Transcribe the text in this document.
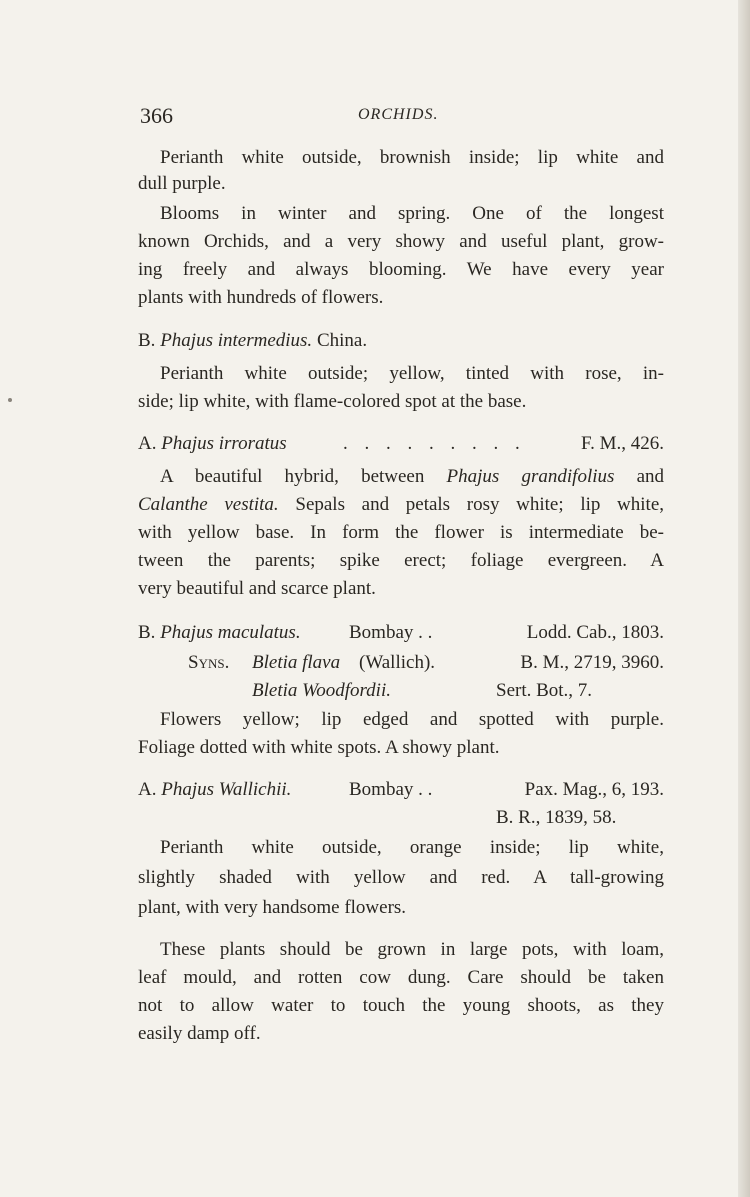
366	ORCHIDS.
Perianth white outside, brownish inside; lip white and
dull purple.
Blooms in winter and spring. One of the longest
known Orchids, and a very showy and useful plant, grow-
ing freely and always blooming. We have every year
plants with hundreds of flowers.
B. Phajus intermedius. China.
Perianth white outside; yellow, tinted with rose, in-
side; lip white, with flame-colored spot at the base.
A. Phajus irroratus	. . . . . . . . .	F. M., 426.
A beautiful hybrid, between Phajus grandifolius and
Calanthe vestita. Sepals and petals rosy white; lip white,
with yellow base. In form the flower is intermediate be-
tween the parents; spike erect; foliage evergreen. A
very beautiful and scarce plant.
B. Phajus maculatus.	Bombay . .	Lodd. Cab., 1803.
Syns. Bletia flava (Wallich).	B. M., 2719, 3960.
Bletia Woodfordii.	Sert. Bot., 7.
Flowers yellow; lip edged and spotted with purple.
Foliage dotted with white spots. A showy plant.
A. Phajus Wallichii.	Bombay . .	Pax. Mag., 6, 193.
B. R., 1839, 58.
Perianth white outside, orange inside; lip white,
slightly shaded with yellow and red. A tall-growing
plant, with very handsome flowers.
These plants should be grown in large pots, with loam,
leaf mould, and rotten cow dung. Care should be taken
not to allow water to touch the young shoots, as they
easily damp off.
